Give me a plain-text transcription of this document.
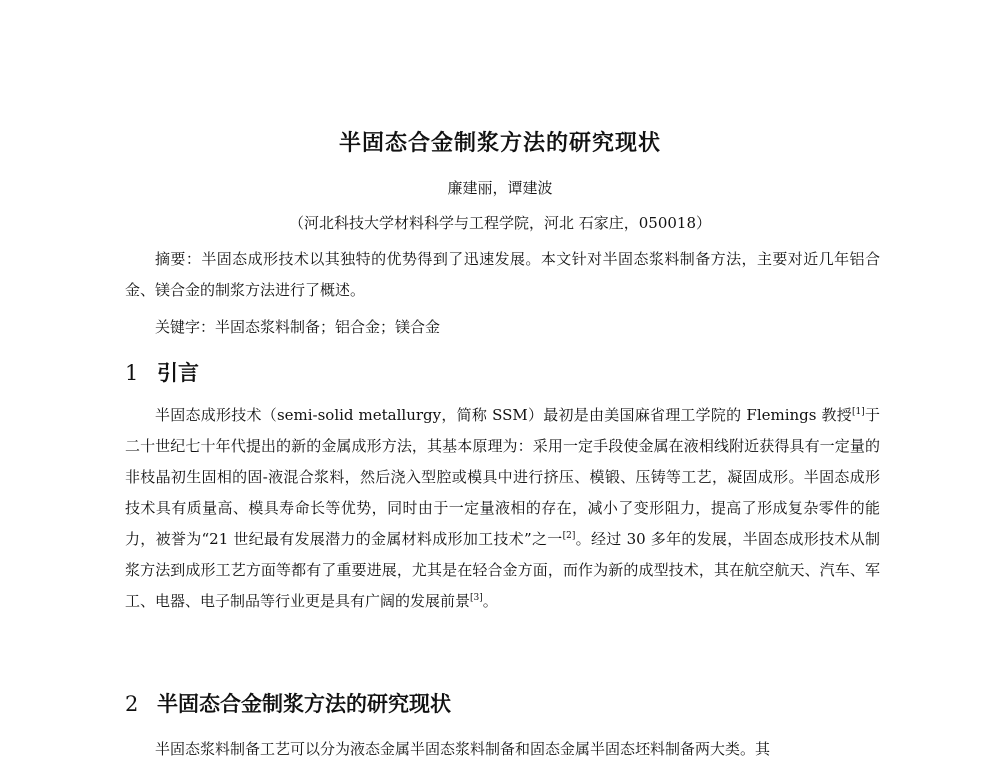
半固态合金制浆方法的研究现状
廉建丽，谭建波
（河北科技大学材料科学与工程学院，河北 石家庄，050018）

摘要：半固态成形技术以其独特的优势得到了迅速发展。本文针对半固态浆料制备方法，主要对近几年铝合金、镁合金的制浆方法进行了概述。

关键字：半固态浆料制备；铝合金；镁合金

1 引言

半固态成形技术（semi-solid metallurgy，简称 SSM）最初是由美国麻省理工学院的 Flemings 教授[1]于二十世纪七十年代提出的新的金属成形方法，其基本原理为：采用一定手段使金属在液相线附近获得具有一定量的非枝晶初生固相的固-液混合浆料，然后浇入型腔或模具中进行挤压、模锻、压铸等工艺，凝固成形。半固态成形技术具有质量高、模具寿命长等优势，同时由于一定量液相的存在，减小了变形阻力，提高了形成复杂零件的能力，被誉为“21 世纪最有发展潜力的金属材料成形加工技术”之一[2]。经过 30 多年的发展，半固态成形技术从制浆方法到成形工艺方面等都有了重要进展，尤其是在轻合金方面，而作为新的成型技术，其在航空航天、汽车、军工、电器、电子制品等行业更是具有广阔的发展前景[3]。

2 半固态合金制浆方法的研究现状

半固态浆料制备工艺可以分为液态金属半固态浆料制备和固态金属半固态坯料制备两大类。其
